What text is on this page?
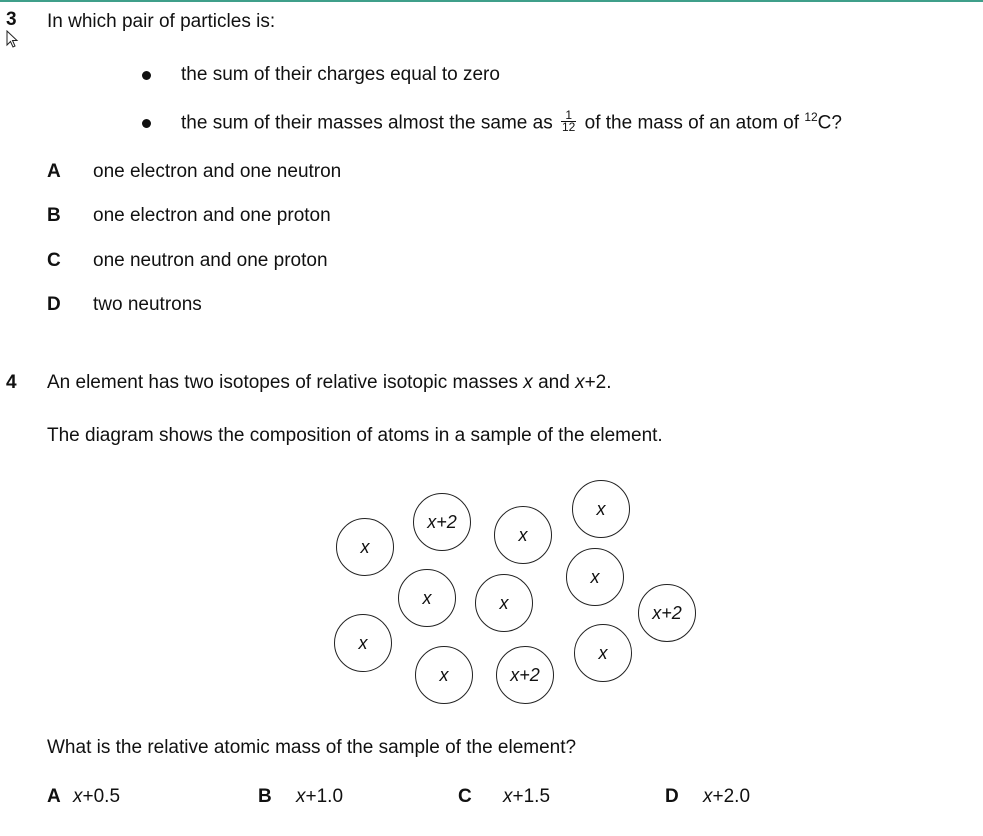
3 In which pair of particles is:
the sum of their charges equal to zero
the sum of their masses almost the same as $\frac{1}{12}$ of the mass of an atom of $^{12}$C?
A one electron and one neutron
B one electron and one proton
C one neutron and one proton
D two neutrons
4 An element has two isotopes of relative isotopic masses x and x+2.
The diagram shows the composition of atoms in a sample of the element.
x
x+2
x
x
x	x
x
x+2
x
x	x+2
x
What is the relative atomic mass of the sample of the element?
A x+0.5	B x+1.0	C x+1.5	D x+2.0
